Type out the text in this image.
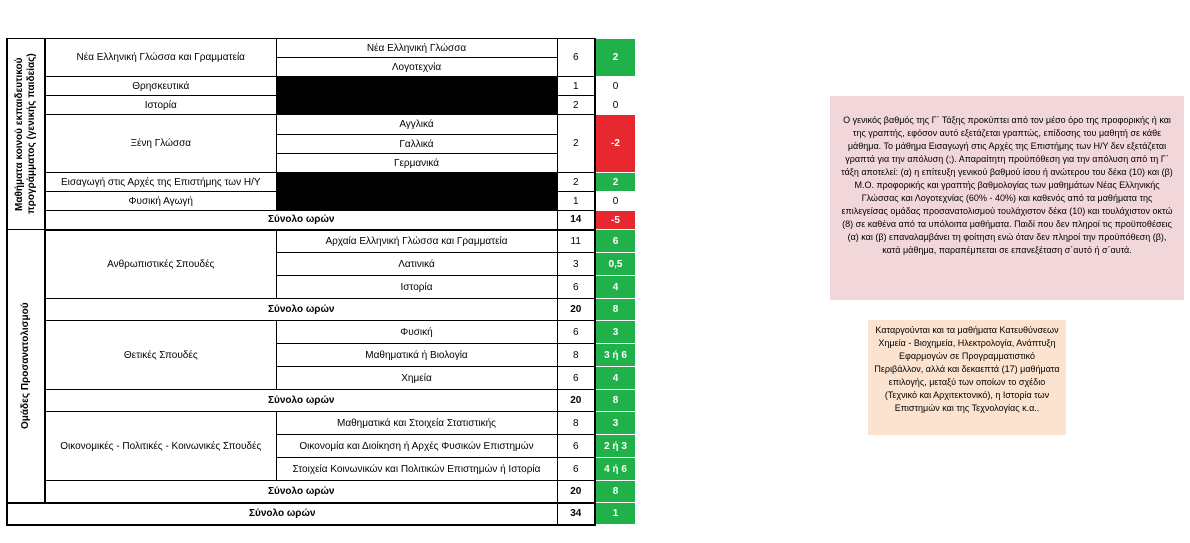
Μαθήματα κοινού εκπαιδευτικού προγράμματος (γενικής παιδείας)	Νέα Ελληνική Γλώσσα και Γραμματεία	Νέα Ελληνική Γλώσσα	6	2
		Λογοτεχνία		
	Θρησκευτικά		1	0
	Ιστορία		2	0
	Ξένη Γλώσσα	Αγγλικά	2	-2
		Γαλλικά		
		Γερμανικά		
	Εισαγωγή στις Αρχές της Επιστήμης των Η/Υ		2	2
	Φυσική Αγωγή		1	0
	Σύνολο ωρών		14	-5

Ομάδες Προσανατολισμού	Ανθρωπιστικές Σπουδές	Αρχαία Ελληνική Γλώσσα και Γραμματεία	11	6
		Λατινικά	3	0,5
		Ιστορία	6	4
	Σύνολο ωρών		20	8
	Θετικές Σπουδές	Φυσική	6	3
		Μαθηματικά ή Βιολογία	8	3 ή 6
		Χημεία	6	4
	Σύνολο ωρών		20	8
	Οικονομικές - Πολιτικές - Κοινωνικές Σπουδές	Μαθηματικά και Στοιχεία Στατιστικής	8	3
		Οικονομία και Διοίκηση ή Αρχές Φυσικών Επιστημών	6	2 ή 3
		Στοιχεία Κοινωνικών και Πολιτικών Επιστημών ή Ιστορία	6	4 ή 6
	Σύνολο ωρών		20	8
Σύνολο ωρών			34	1
Ο γενικός βαθμός της Γ΄ Τάξης προκύπτει από τον μέσο όρο της προφορικής ή και της γραπτής, εφόσον αυτό εξετάζεται γραπτώς, επίδοσης του μαθητή σε κάθε μάθημα. Το μάθημα Εισαγωγή στις Αρχές της Επιστήμης των Η/Υ δεν εξετάζεται γραπτά για την απόλυση (;). Απαραίτητη προϋπόθεση για την απόλυση από τη Γ΄ τάξη αποτελεί: (α) η επίτευξη γενικού βαθμού ίσου ή ανώτερου του δέκα (10) και (β) Μ.Ο. προφορικής και γραπτής βαθμολογίας των μαθημάτων Νέας Ελληνικής Γλώσσας και Λογοτεχνίας (60% - 40%) και καθενός από τα μαθήματα της επιλεγείσας ομάδας προσανατολισμού τουλάχιστον δέκα (10) και τουλάχιστον οκτώ (8) σε καθένα από τα υπόλοιπα μαθήματα. Παιδί που δεν πληροί τις προϋποθέσεις (α) και (β) επαναλαμβάνει τη φοίτηση ενώ όταν δεν πληροί την προϋπόθεση (β), κατά μάθημα, παραπέμπεται σε επανεξέταση σ΄αυτό ή σ΄αυτά.
Καταργούνται και τα μαθήματα Κατευθύνσεων Χημεία - Βιοχημεία, Ηλεκτρολογία, Ανάπτυξη Εφαρμογών σε Προγραμματιστικό Περιβάλλον, αλλά και δεκαεπτά (17) μαθήματα επιλογής, μεταξύ των οποίων το σχέδιο (Τεχνικό και Αρχιτεκτονικό), η Ιστορία των Επιστημών και της Τεχνολογίας κ.α..
